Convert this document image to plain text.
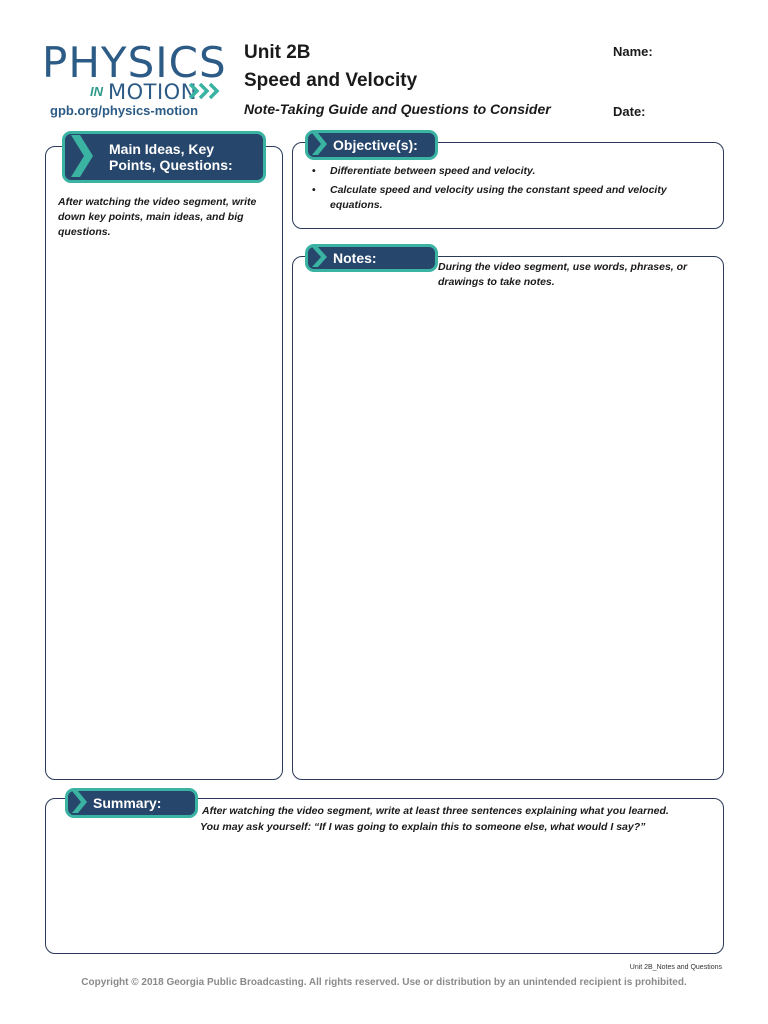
PHYSICS
IN MOTION
gpb.org/physics-motion
Unit 2B
Speed and Velocity
Note-Taking Guide and Questions to Consider
Name:
Date:
Main Ideas, Key Points, Questions:
After watching the video segment, write down key points, main ideas, and big questions.
Objective(s):
• Differentiate between speed and velocity.
• Calculate speed and velocity using the constant speed and velocity equations.
Notes:
During the video segment, use words, phrases, or drawings to take notes.
Summary:
After watching the video segment, write at least three sentences explaining what you learned.
You may ask yourself: “If I was going to explain this to someone else, what would I say?”
Unit 2B_Notes and Questions
Copyright © 2018 Georgia Public Broadcasting. All rights reserved. Use or distribution by an unintended recipient is prohibited.
